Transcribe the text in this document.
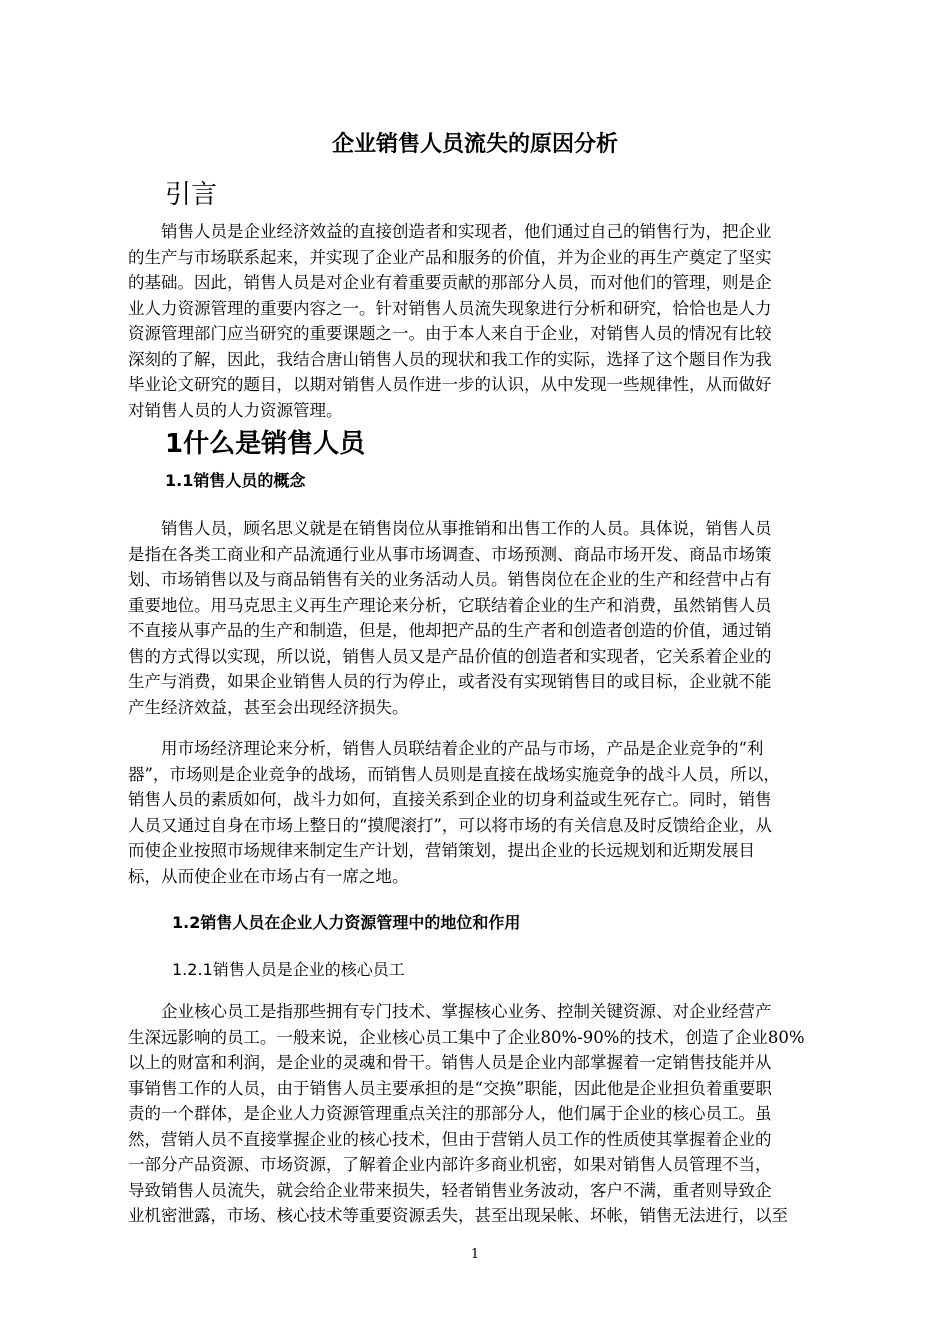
企业销售人员流失的原因分析
引言
　　销售人员是企业经济效益的直接创造者和实现者，他们通过自己的销售行为，把企业
的生产与市场联系起来，并实现了企业产品和服务的价值，并为企业的再生产奠定了坚实
的基础。因此，销售人员是对企业有着重要贡献的那部分人员，而对他们的管理，则是企
业人力资源管理的重要内容之一。针对销售人员流失现象进行分析和研究，恰恰也是人力
资源管理部门应当研究的重要课题之一。由于本人来自于企业，对销售人员的情况有比较
深刻的了解，因此，我结合唐山销售人员的现状和我工作的实际，选择了这个题目作为我
毕业论文研究的题目，以期对销售人员作进一步的认识，从中发现一些规律性，从而做好
对销售人员的人力资源管理。
1什么是销售人员
1.1销售人员的概念
　　销售人员，顾名思义就是在销售岗位从事推销和出售工作的人员。具体说，销售人员
是指在各类工商业和产品流通行业从事市场调查、市场预测、商品市场开发、商品市场策
划、市场销售以及与商品销售有关的业务活动人员。销售岗位在企业的生产和经营中占有
重要地位。用马克思主义再生产理论来分析，它联结着企业的生产和消费，虽然销售人员
不直接从事产品的生产和制造，但是，他却把产品的生产者和创造者创造的价值，通过销
售的方式得以实现，所以说，销售人员又是产品价值的创造者和实现者，它关系着企业的
生产与消费，如果企业销售人员的行为停止，或者没有实现销售目的或目标，企业就不能
产生经济效益，甚至会出现经济损失。
　　用市场经济理论来分析，销售人员联结着企业的产品与市场，产品是企业竞争的“利
器”，市场则是企业竞争的战场，而销售人员则是直接在战场实施竞争的战斗人员，所以，
销售人员的素质如何，战斗力如何，直接关系到企业的切身利益或生死存亡。同时，销售
人员又通过自身在市场上整日的“摸爬滚打”，可以将市场的有关信息及时反馈给企业，从
而使企业按照市场规律来制定生产计划，营销策划，提出企业的长远规划和近期发展目
标，从而使企业在市场占有一席之地。
1.2销售人员在企业人力资源管理中的地位和作用
1.2.1销售人员是企业的核心员工
　　企业核心员工是指那些拥有专门技术、掌握核心业务、控制关键资源、对企业经营产
生深远影响的员工。一般来说，企业核心员工集中了企业80%-90%的技术，创造了企业80%
以上的财富和利润，是企业的灵魂和骨干。销售人员是企业内部掌握着一定销售技能并从
事销售工作的人员，由于销售人员主要承担的是“交换”职能，因此他是企业担负着重要职
责的一个群体，是企业人力资源管理重点关注的那部分人，他们属于企业的核心员工。虽
然，营销人员不直接掌握企业的核心技术，但由于营销人员工作的性质使其掌握着企业的
一部分产品资源、市场资源，了解着企业内部许多商业机密，如果对销售人员管理不当，
导致销售人员流失，就会给企业带来损失，轻者销售业务波动，客户不满，重者则导致企
业机密泄露，市场、核心技术等重要资源丢失，甚至出现呆帐、坏帐，销售无法进行，以至
1
